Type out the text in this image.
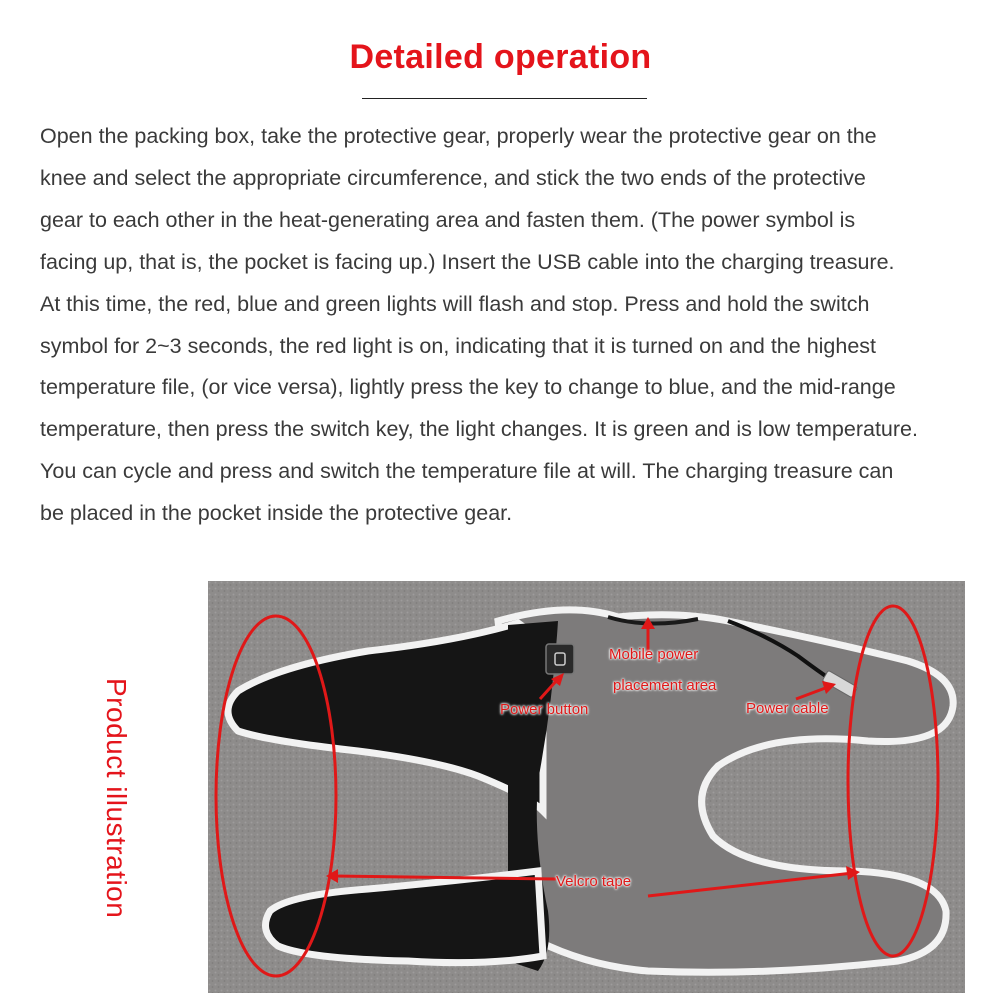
Detailed operation
Open the packing box, take the protective gear, properly wear the protective gear on the
knee and select the appropriate circumference, and stick the two ends of the protective
gear to each other in the heat-generating area and fasten them. (The power symbol is
facing up, that is, the pocket is facing up.) Insert the USB cable into the charging treasure.
At this time, the red, blue and green lights will flash and stop. Press and hold the switch
symbol for 2~3 seconds, the red light is on, indicating that it is turned on and the highest
temperature file, (or vice versa), lightly press the key to change to blue, and the mid-range
temperature, then press the switch key, the light changes. It is green and is low temperature.
You can cycle and press and switch the temperature file at will. The charging treasure can
be placed in the pocket inside the protective gear.
Product illustration
Mobile power
placement area
Power button	Power cable
Velcro tape
